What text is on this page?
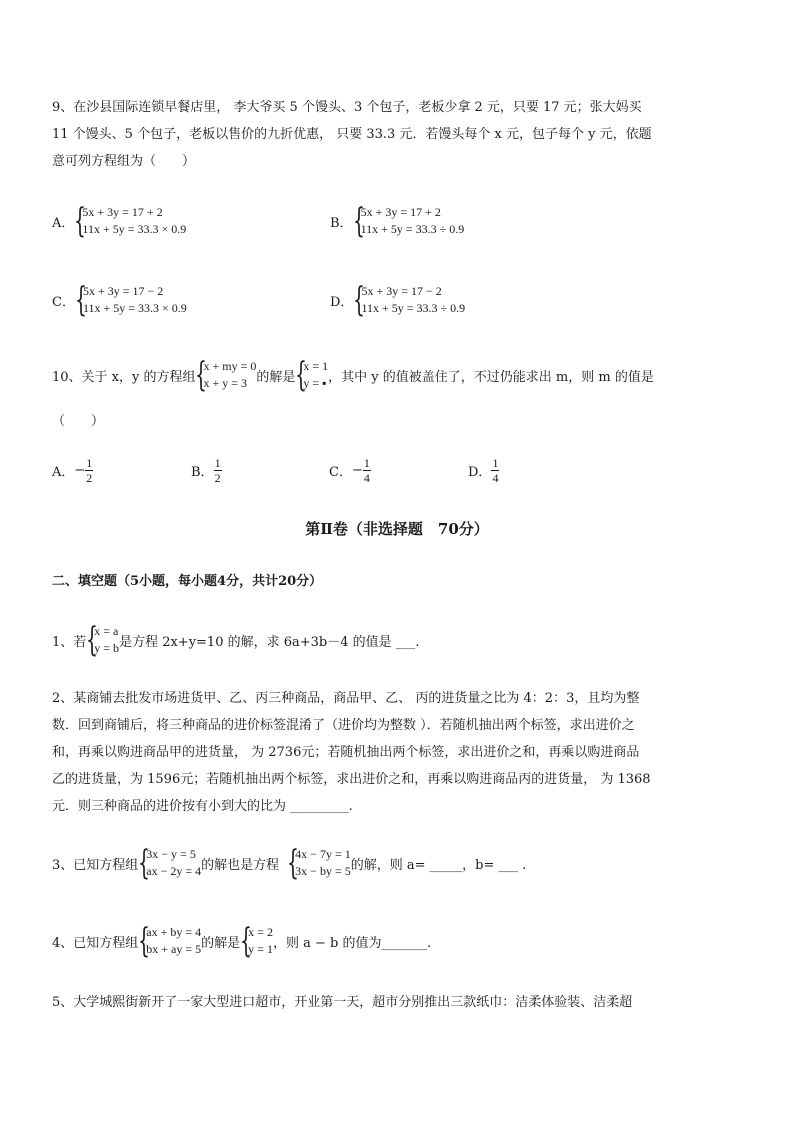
9、在沙县国际连锁早餐店里， 李大爷买 5 个馒头、3 个包子，老板少拿 2 元，只要 17 元；张大妈买
11 个馒头、5 个包子，老板以售价的九折优惠， 只要 33.3 元．若馒头每个 x 元，包子每个 y 元，依题
意可列方程组为（　　）
A． {
5x + 3y = 17 + 2
11x + 5y = 33.3 × 0.9	B． {
5x + 3y = 17 + 2
11x + 5y = 33.3 ÷ 0.9
C． {
5x + 3y = 17 − 2
11x + 5y = 33.3 × 0.9	D． {
5x + 3y = 17 − 2
11x + 5y = 33.3 ÷ 0.9
10、关于 x，y 的方程组 {
x + my = 0
x + y = 3 的解是 {
x = 1
y = ▪ ，其中 y 的值被盖住了，不过仍能求出 m，则 m 的值是
（　　）
A． − $\frac{1}{2}$	B． $\frac{1}{2}$	C． − $\frac{1}{4}$	D． $\frac{1}{4}$
第Ⅱ卷（非选择题　70分）
二、填空题（5小题，每小题4分，共计20分）
1、若 {
x = a
y = b 是方程 2x+y=10 的解，求 6a+3b－4 的值是 ___.
2、某商铺去批发市场进货甲、乙、丙三种商品，商品甲、乙、 丙的进货量之比为 4：2：3，且均为整
数．回到商铺后，将三种商品的进价标签混淆了（进价均为整数 ）．若随机抽出两个标签，求出进价之
和，再乘以购进商品甲的进货量， 为 2736元；若随机抽出两个标签，求出进价之和，再乘以购进商品
乙的进货量，为 1596元；若随机抽出两个标签，求出进价之和，再乘以购进商品丙的进货量， 为 1368
元．则三种商品的进价按有小到大的比为 _________.
3、已知方程组 {
3x − y = 5
ax − 2y = 4 的解也是方程 {
4x − 7y = 1
3x − by = 5 的解，则 a= _____，b= ___ .
4、已知方程组 {
ax + by = 4
bx + ay = 5 的解是 {
x = 2
y = 1 ，则 a − b 的值为_______.
5、大学城熙街新开了一家大型进口超市，开业第一天，超市分别推出三款纸巾：洁柔体验装、洁柔超
